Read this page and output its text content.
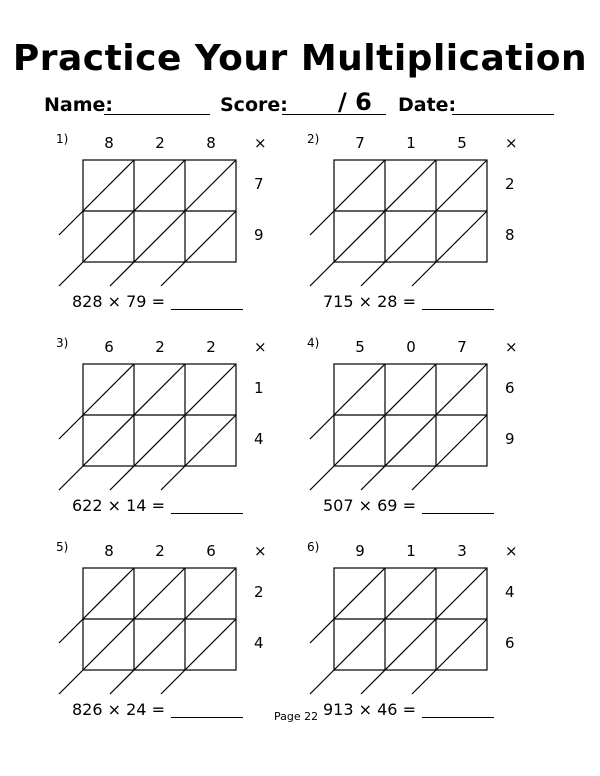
Practice Your Multiplication
Name:	Score: / 6 Date:
1)	8	2	8	×
7
9
828 × 79 =
2)	7	1	5	×
2
8
715 × 28 =
3)	6	2	2	×
1
4
622 × 14 =
4)	5	0	7	×
6
9
507 × 69 =
5)	8	2	6	×
2
4
826 × 24 =
6)	9	1	3	×
4
6
913 × 46 =
Page 22
